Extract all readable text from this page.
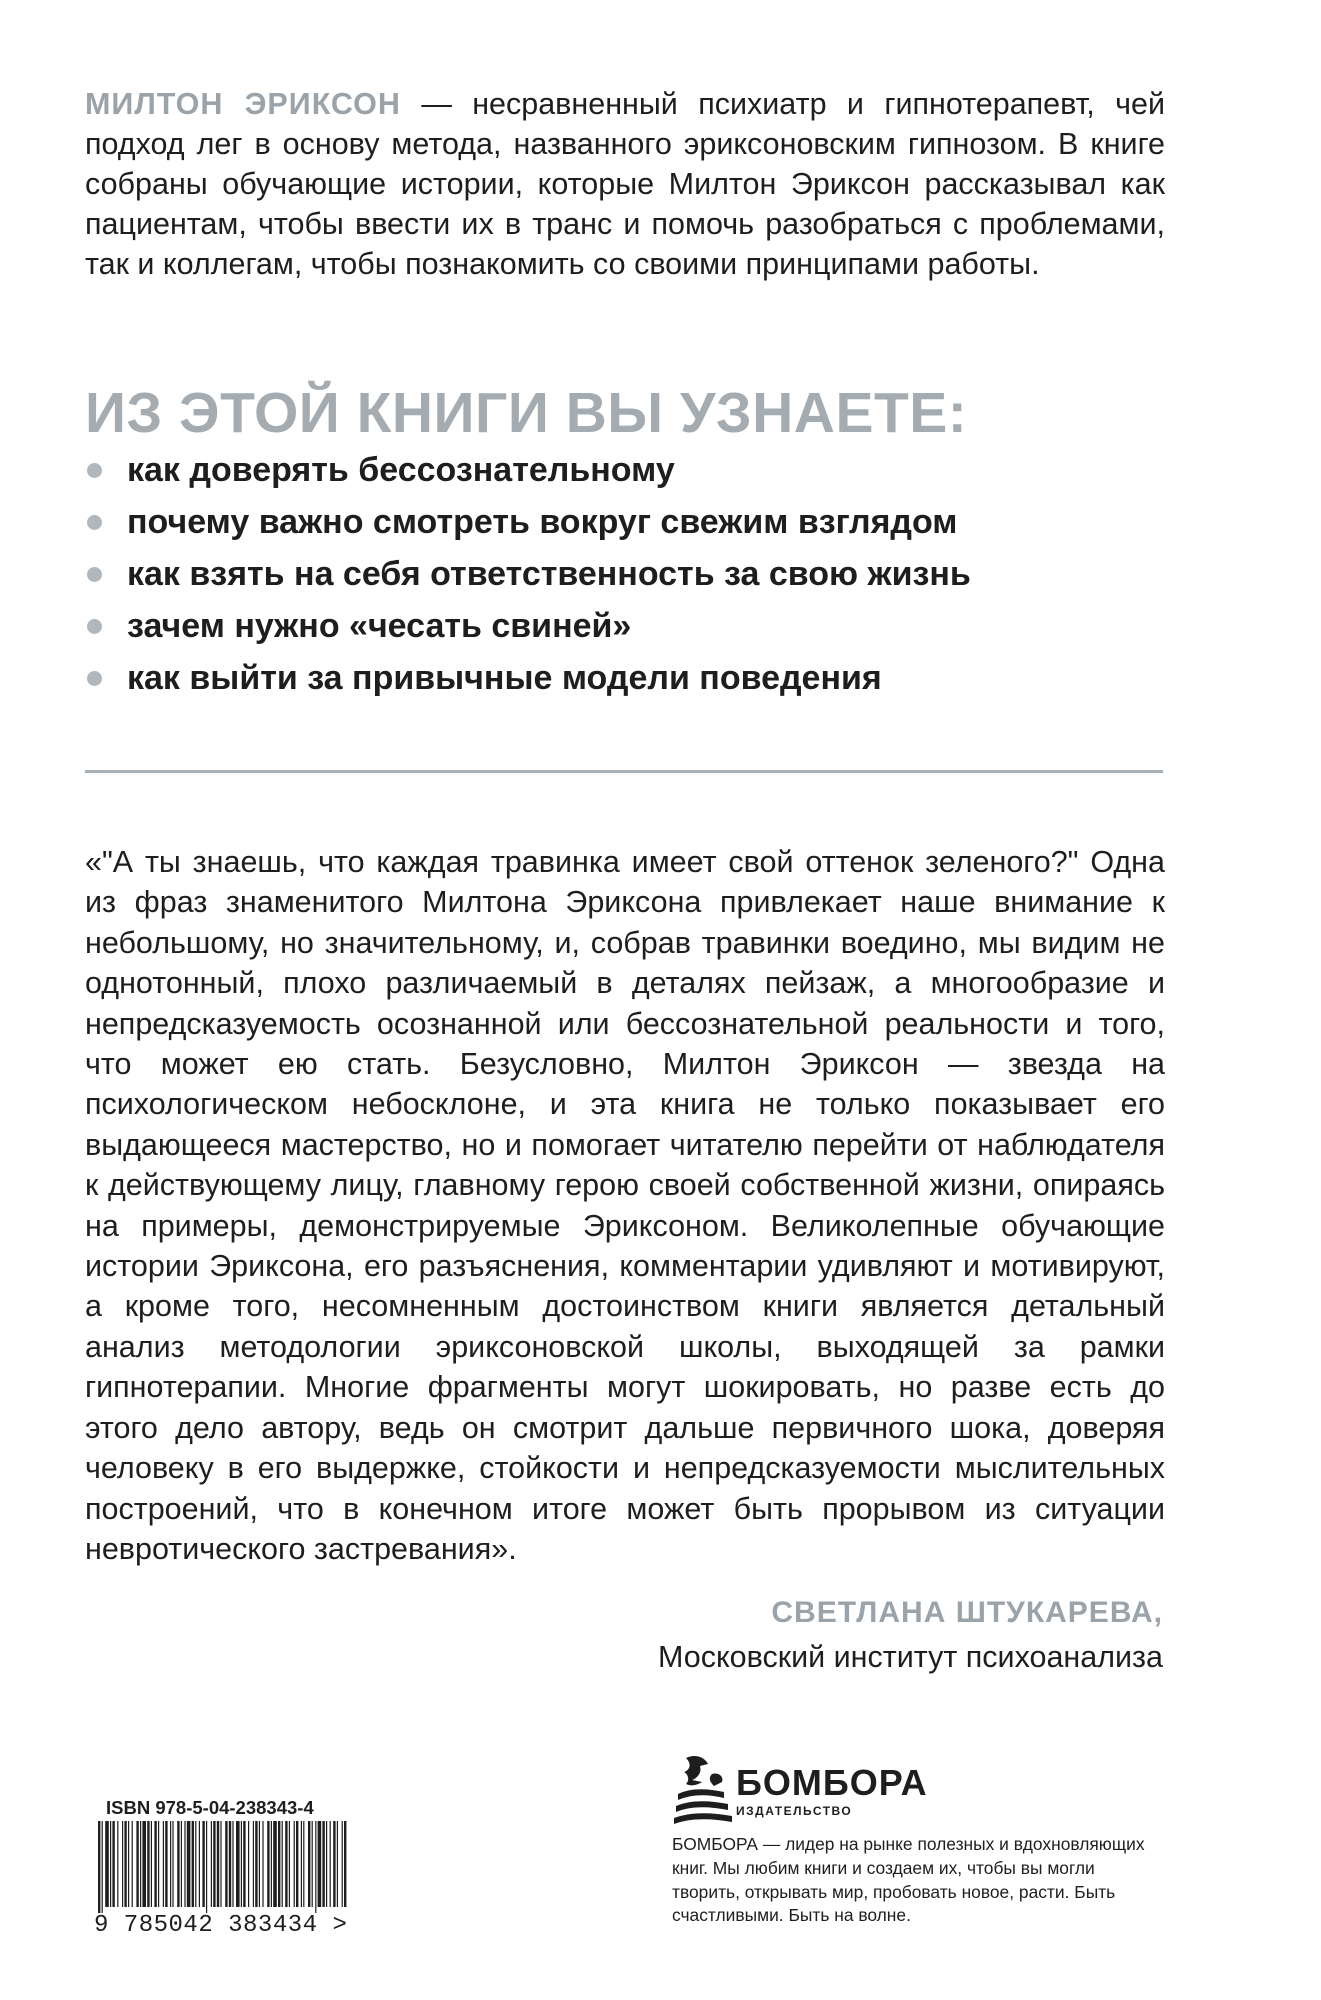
МИЛТОН ЭРИКСОН — несравненный психиатр и гипнотерапевт, чей подход лег в основу метода, названного эриксоновским гипнозом. В книге собраны обучающие истории, которые Милтон Эриксон рассказывал как пациентам, чтобы ввести их в транс и помочь разобраться с проблемами, так и коллегам, чтобы познакомить со своими принципами работы.

ИЗ ЭТОЙ КНИГИ ВЫ УЗНАЕТЕ:
как доверять бессознательному
почему важно смотреть вокруг свежим взглядом
как взять на себя ответственность за свою жизнь
зачем нужно «чесать свиней»
как выйти за привычные модели поведения

«"А ты знаешь, что каждая травинка имеет свой оттенок зеленого?" Одна из фраз знаменитого Милтона Эриксона привлекает наше внимание к небольшому, но значительному, и, собрав травинки воедино, мы видим не однотонный, плохо различаемый в деталях пейзаж, а многообразие и непредсказуемость осознанной или бессознательной реальности и того, что может ею стать. Безусловно, Милтон Эриксон — звезда на психологическом небосклоне, и эта книга не только показывает его выдающееся мастерство, но и помогает читателю перейти от наблюдателя к действующему лицу, главному герою своей собственной жизни, опираясь на примеры, демонстрируемые Эриксоном. Великолепные обучающие истории Эриксона, его разъяснения, комментарии удивляют и мотивируют, а кроме того, несомненным достоинством книги является детальный анализ методологии эриксоновской школы, выходящей за рамки гипнотерапии. Многие фрагменты могут шокировать, но разве есть до этого дело автору, ведь он смотрит дальше первичного шока, доверяя человеку в его выдержке, стойкости и непредсказуемости мыслительных построений, что в конечном итоге может быть прорывом из ситуации невротического застревания».

СВЕТЛАНА ШТУКАРЕВА,

Московский институт психоанализа

ISBN 978-5-04-238343-4

9 785042 383434 >

БОМБОРА

ИЗДАТЕЛЬСТВО

БОМБОРА — лидер на рынке полезных и вдохновляющих книг. Мы любим книги и создаем их, чтобы вы могли творить, открывать мир, пробовать новое, расти. Быть счастливыми. Быть на волне.
